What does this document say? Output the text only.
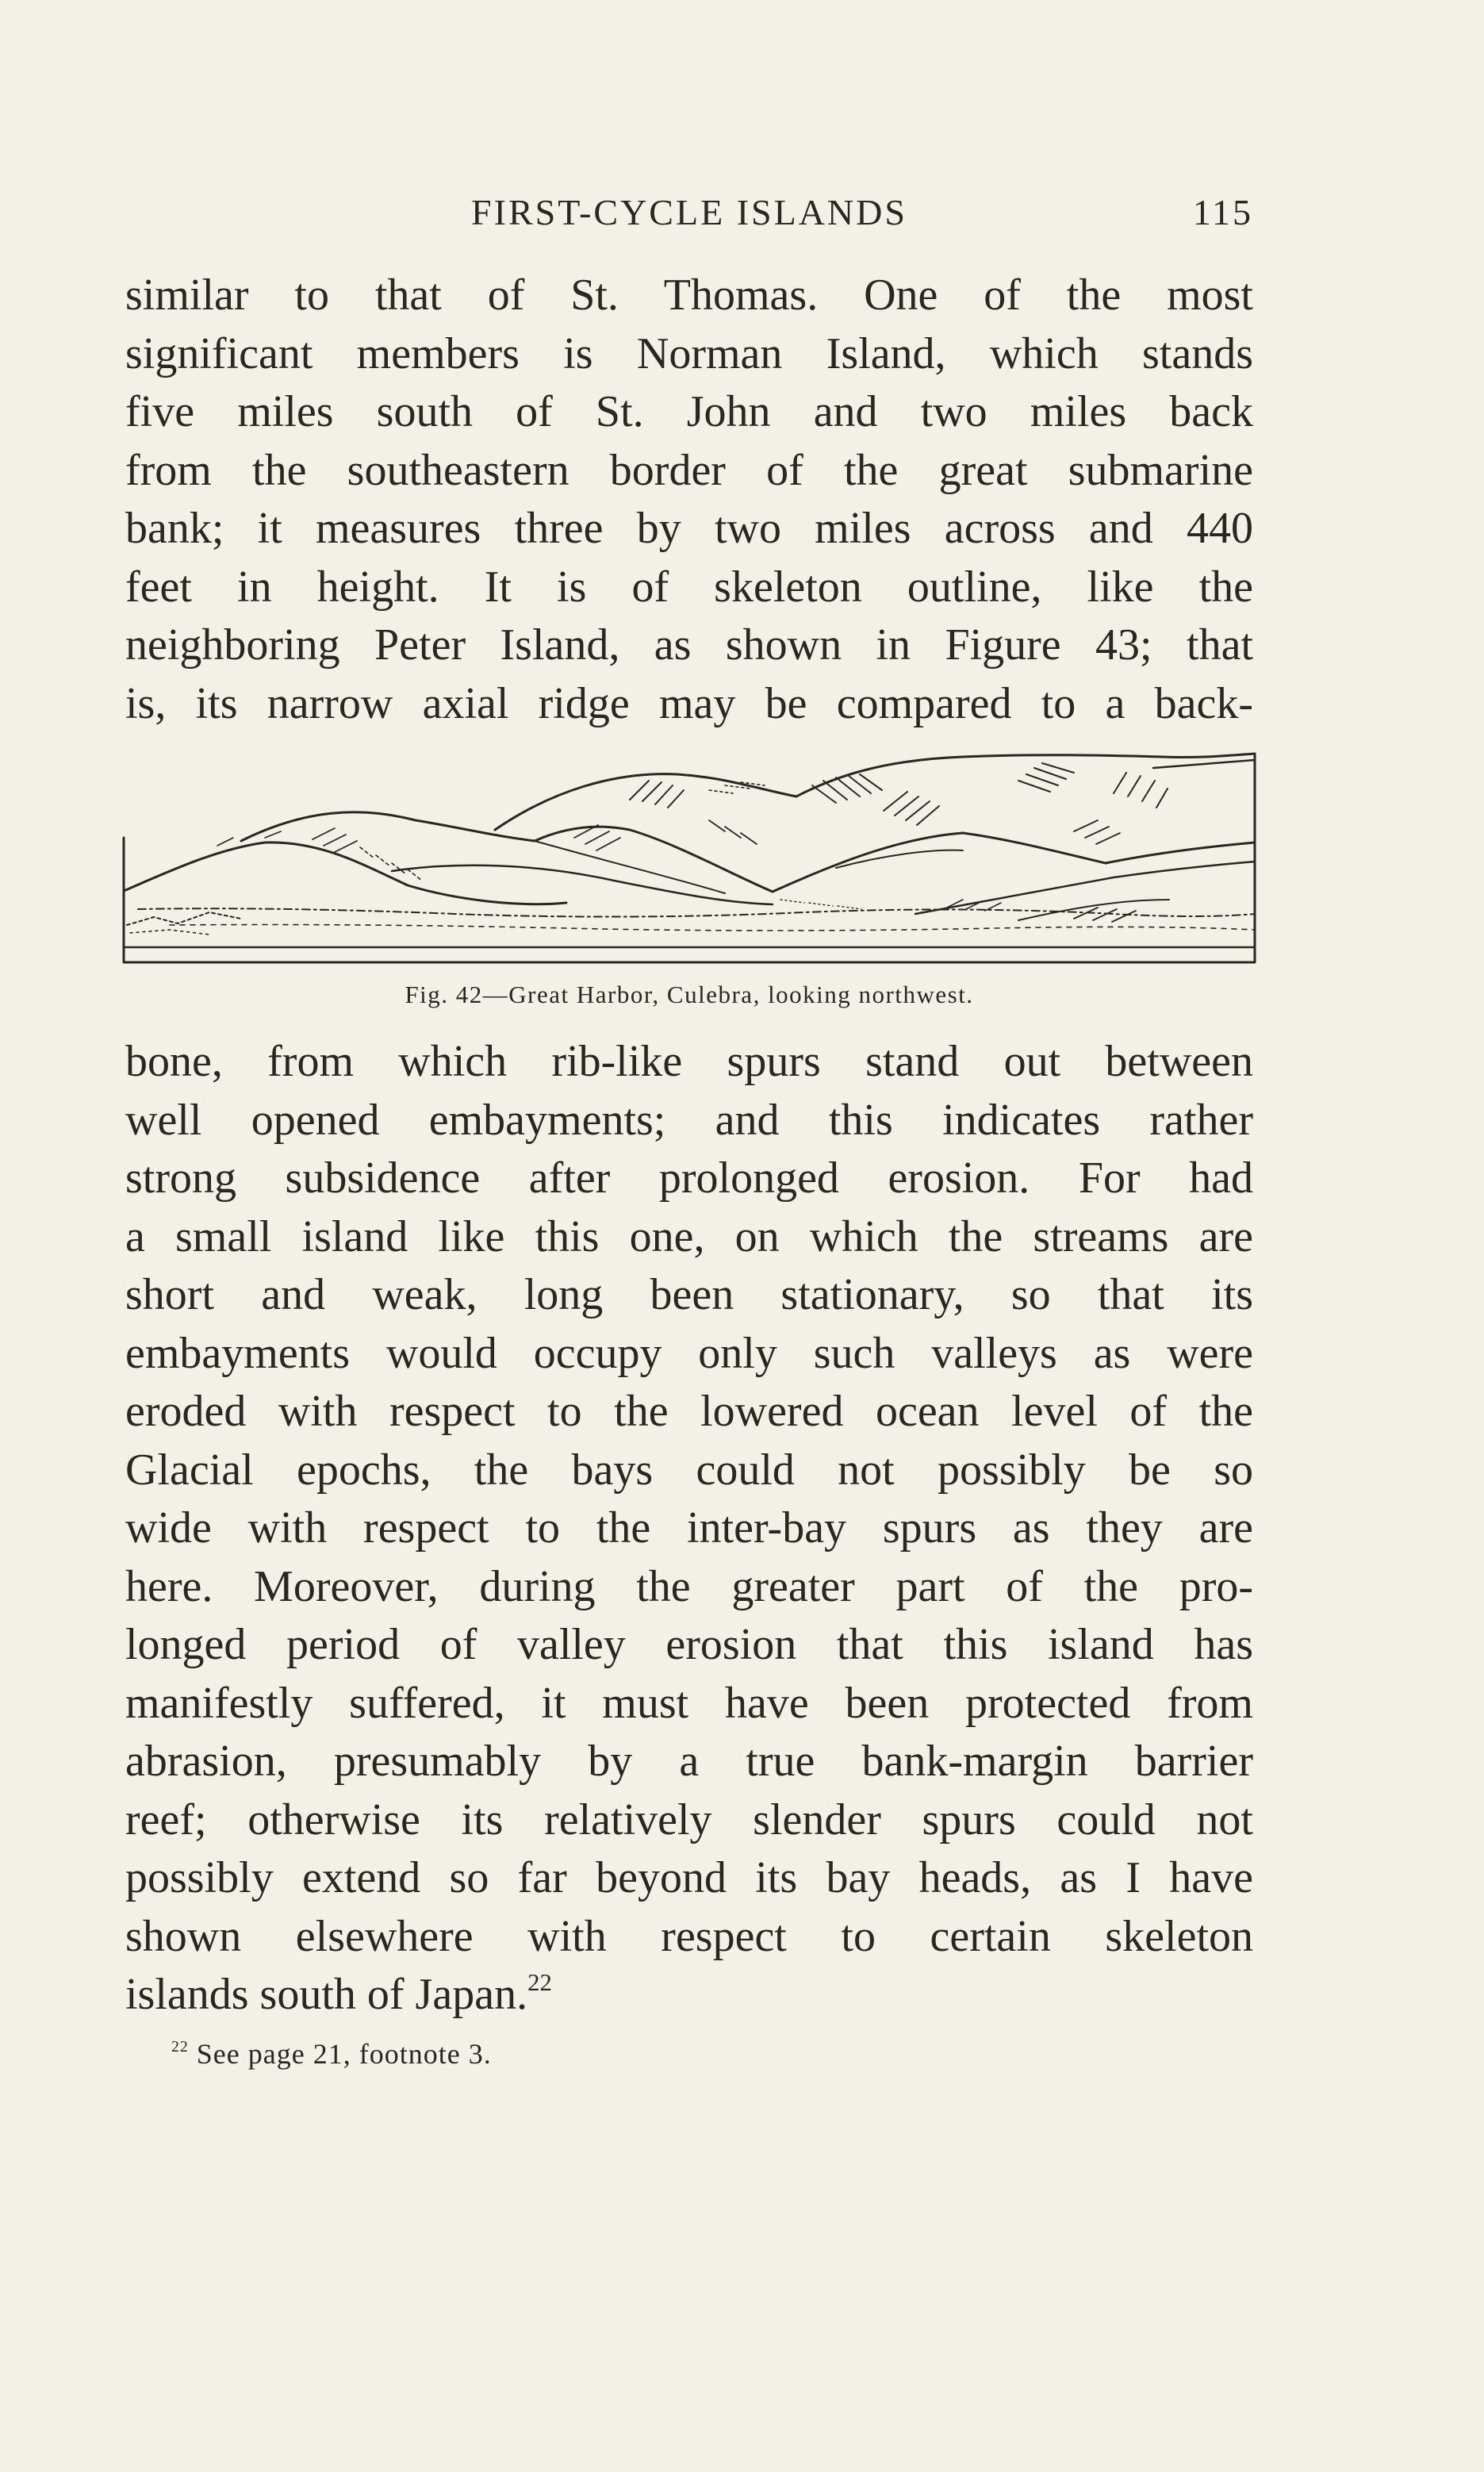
FIRST-CYCLE ISLANDS	115

similar to that of St. Thomas. One of the most
significant members is Norman Island, which stands
five miles south of St. John and two miles back
from the southeastern border of the great submarine
bank; it measures three by two miles across and 440
feet in height. It is of skeleton outline, like the
neighboring Peter Island, as shown in Figure 43; that
is, its narrow axial ridge may be compared to a back-

Fig. 42—Great Harbor, Culebra, looking northwest.

bone, from which rib-like spurs stand out between
well opened embayments; and this indicates rather
strong subsidence after prolonged erosion. For had
a small island like this one, on which the streams are
short and weak, long been stationary, so that its
embayments would occupy only such valleys as were
eroded with respect to the lowered ocean level of the
Glacial epochs, the bays could not possibly be so
wide with respect to the inter-bay spurs as they are
here. Moreover, during the greater part of the pro-
longed period of valley erosion that this island has
manifestly suffered, it must have been protected from
abrasion, presumably by a true bank-margin barrier
reef; otherwise its relatively slender spurs could not
possibly extend so far beyond its bay heads, as I have
shown elsewhere with respect to certain skeleton
islands south of Japan.$^{22}$

$^{22}$ See page 21, footnote 3.
